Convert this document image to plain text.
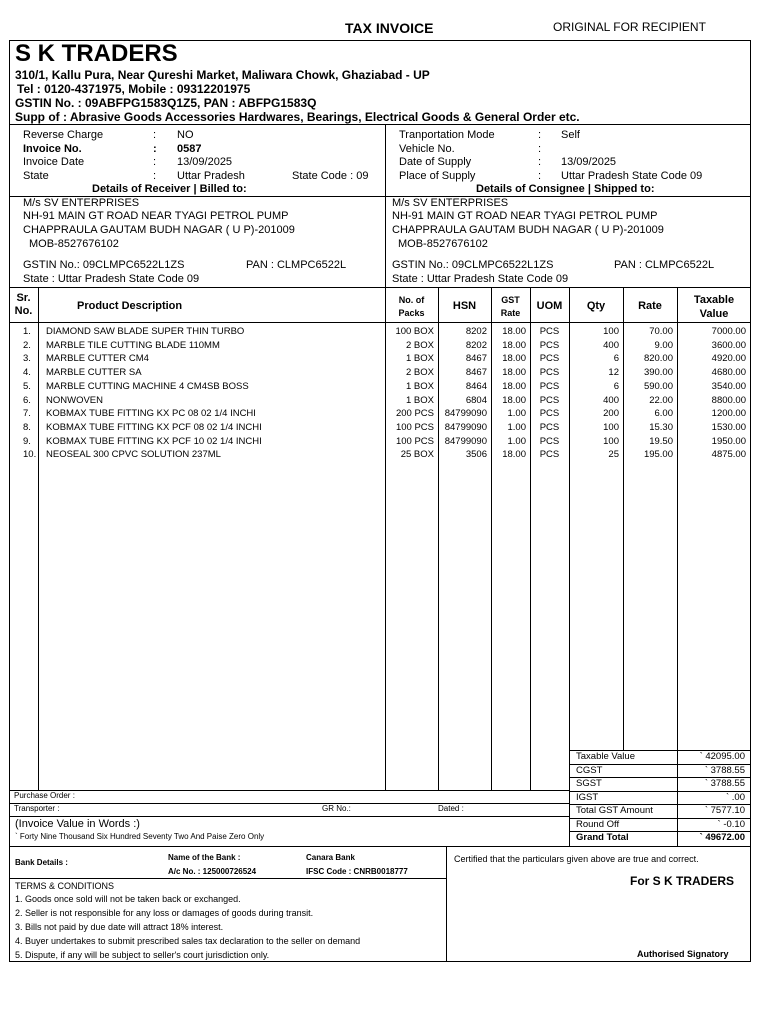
TAX INVOICE	ORIGINAL FOR RECIPIENT
S K TRADERS
310/1, Kallu Pura, Near Qureshi Market, Maliwara Chowk, Ghaziabad - UP
Tel : 0120-4371975, Mobile : 09312201975
GSTIN No. : 09ABFPG1583Q1Z5, PAN : ABFPG1583Q
Supp of : Abrasive Goods Accessories Hardwares, Bearings, Electrical Goods & General Order etc.
Reverse Charge	: NO
Invoice No.	: 0587
Invoice Date	: 13/09/2025
State	: Uttar Pradesh	State Code : 09
Tranportation Mode	: Self
Vehicle No.	:
Date of Supply	: 13/09/2025
Place of Supply	: Uttar Pradesh State Code 09
Details of Receiver | Billed to:	Details of Consignee | Shipped to:
M/s SV ENTERPRISES
NH-91 MAIN GT ROAD NEAR TYAGI PETROL PUMP
CHAPPRAULA GAUTAM BUDH NAGAR ( U P)-201009
MOB-8527676102
GSTIN No.: 09CLMPC6522L1ZS	PAN : CLMPC6522L
State : Uttar Pradesh State Code 09
M/s SV ENTERPRISES
NH-91 MAIN GT ROAD NEAR TYAGI PETROL PUMP
CHAPPRAULA GAUTAM BUDH NAGAR ( U P)-201009
MOB-8527676102
GSTIN No.: 09CLMPC6522L1ZS	PAN : CLMPC6522L
State : Uttar Pradesh State Code 09
Sr.
No.	Product Description	No. of
Packs
HSN	GST
Rate
UOM	Qty	Rate	Taxable
Value
1.	DIAMOND SAW BLADE SUPER THIN TURBO	100 BOX	8202	18.00	PCS	100	70.00	7000.00
2.	MARBLE TILE CUTTING BLADE 110MM	2 BOX	8202	18.00	PCS	400	9.00	3600.00
3.	MARBLE CUTTER CM4	1 BOX	8467	18.00	PCS	6	820.00	4920.00
4.	MARBLE CUTTER SA	2 BOX	8467	18.00	PCS	12	390.00	4680.00
5.	MARBLE CUTTING MACHINE 4 CM4SB BOSS	1 BOX	8464	18.00	PCS	6	590.00	3540.00
6.	NONWOVEN	1 BOX	6804	18.00	PCS	400	22.00	8800.00
7.	KOBMAX TUBE FITTING KX PC 08 02 1/4 INCHI	200 PCS	84799090	1.00	PCS	200	6.00	1200.00
8.	KOBMAX TUBE FITTING KX PCF 08 02 1/4 INCHI	100 PCS	84799090	1.00	PCS	100	15.30	1530.00
9.	KOBMAX TUBE FITTING KX PCF 10 02 1/4 INCHI	100 PCS	84799090	1.00	PCS	100	19.50	1950.00
10.	NEOSEAL 300 CPVC SOLUTION 237ML	25 BOX	3506	18.00	PCS	25	195.00	4875.00
Taxable Value	` 42095.00
CGST	` 3788.55
SGST	` 3788.55
IGST	` .00
Total GST Amount	` 7577.10
Round Off	` -0.10
Grand Total	` 49672.00
Purchase Order :
Transporter :	GR No.:	Dated :
(Invoice Value in Words :)
` Forty Nine Thousand Six Hundred Seventy Two And Paise Zero Only
Bank Details :
Name of the Bank :	Canara Bank
A/c No. : 125000726524	IFSC Code : CNRB0018777
TERMS & CONDITIONS
1. Goods once sold will not be taken back or exchanged.
2. Seller is not responsible for any loss or damages of goods during transit.
3. Bills not paid by due date will attract 18% interest.
4. Buyer undertakes to submit prescribed sales tax declaration to the seller on demand
5. Dispute, if any will be subject to seller's court jurisdiction only.
Certified that the particulars given above are true and correct.
For S K TRADERS
Authorised Signatory
